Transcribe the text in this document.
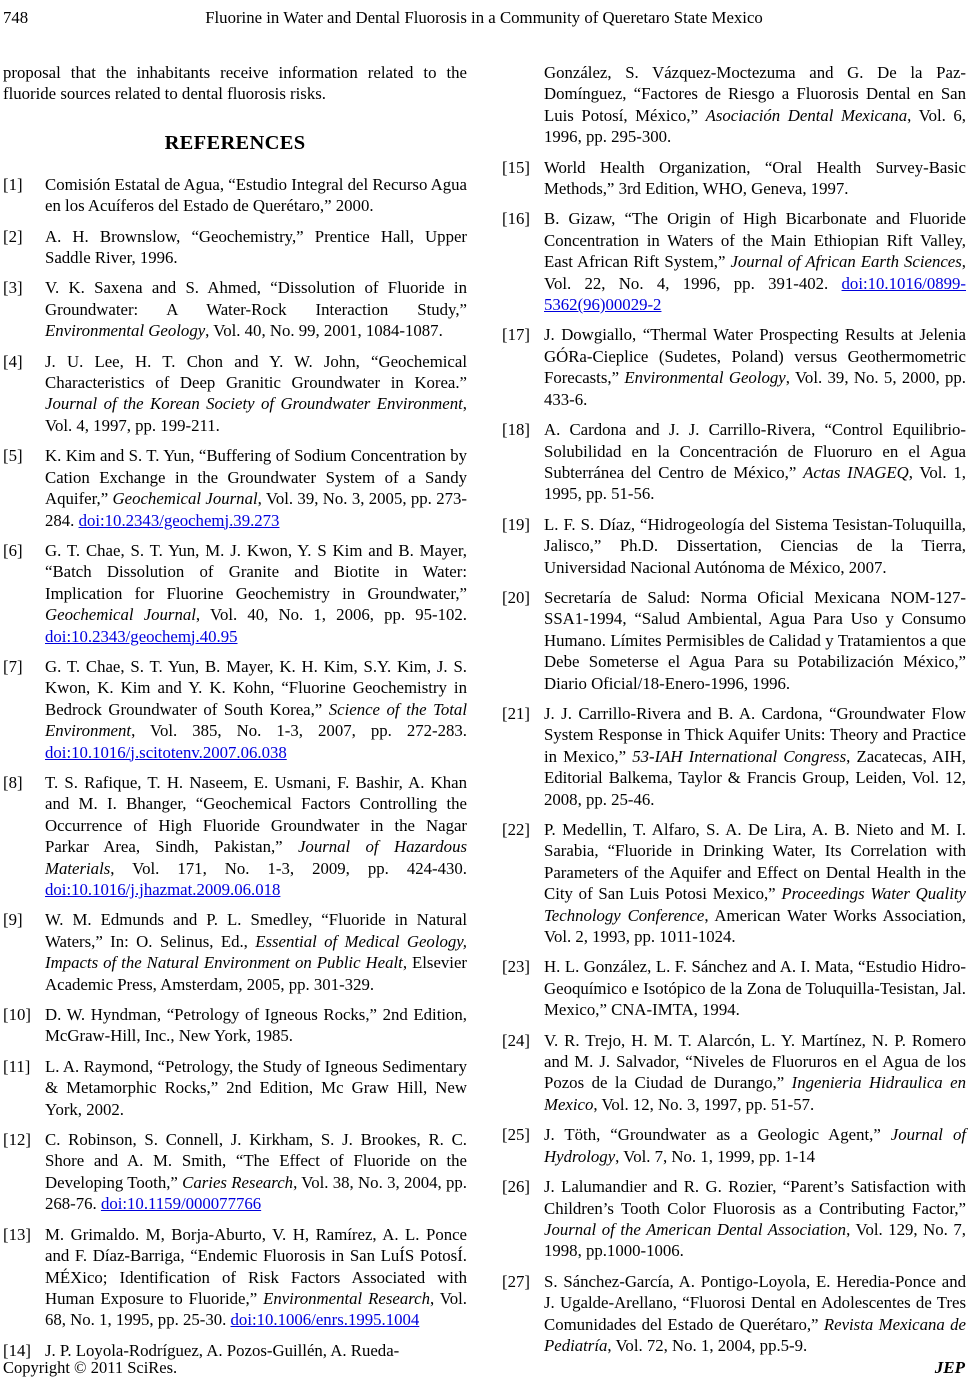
748	Fluorine in Water and Dental Fluorosis in a Community of Queretaro State Mexico

proposal that the inhabitants receive information related to the fluoride sources related to dental fluorosis risks.

REFERENCES
[1]	Comisión Estatal de Agua, “Estudio Integral del Recurso Agua en los Acuíferos del Estado de Querétaro,” 2000.
[2]	A. H. Brownslow, “Geochemistry,” Prentice Hall, Upper Saddle River, 1996.
[3]	V. K. Saxena and S. Ahmed, “Dissolution of Fluoride in Groundwater: A Water-Rock Interaction Study,” Environmental Geology, Vol. 40, No. 99, 2001, 1084-1087.
[4]	J. U. Lee, H. T. Chon and Y. W. John, “Geochemical Characteristics of Deep Granitic Groundwater in Korea.” Journal of the Korean Society of Groundwater Environment, Vol. 4, 1997, pp. 199-211.
[5]	K. Kim and S. T. Yun, “Buffering of Sodium Concentration by Cation Exchange in the Groundwater System of a Sandy Aquifer,” Geochemical Journal, Vol. 39, No. 3, 2005, pp. 273-284. doi:10.2343/geochemj.39.273
[6]	G. T. Chae, S. T. Yun, M. J. Kwon, Y. S Kim and B. Mayer, “Batch Dissolution of Granite and Biotite in Water: Implication for Fluorine Geochemistry in Groundwater,” Geochemical Journal, Vol. 40, No. 1, 2006, pp. 95-102. doi:10.2343/geochemj.40.95
[7]	G. T. Chae, S. T. Yun, B. Mayer, K. H. Kim, S.Y. Kim, J. S. Kwon, K. Kim and Y. K. Kohn, “Fluorine Geochemistry in Bedrock Groundwater of South Korea,” Science of the Total Environment, Vol. 385, No. 1-3, 2007, pp. 272-283. doi:10.1016/j.scitotenv.2007.06.038
[8]	T. S. Rafique, T. H. Naseem, E. Usmani, F. Bashir, A. Khan and M. I. Bhanger, “Geochemical Factors Controlling the Occurrence of High Fluoride Groundwater in the Nagar Parkar Area, Sindh, Pakistan,” Journal of Hazardous Materials, Vol. 171, No. 1-3, 2009, pp. 424-430. doi:10.1016/j.jhazmat.2009.06.018
[9]	W. M. Edmunds and P. L. Smedley, “Fluoride in Natural Waters,” In: O. Selinus, Ed., Essential of Medical Geology, Impacts of the Natural Environment on Public Healt, Elsevier Academic Press, Amsterdam, 2005, pp. 301-329.
[10] D. W. Hyndman, “Petrology of Igneous Rocks,” 2nd Edition, McGraw-Hill, Inc., New York, 1985.
[11] L. A. Raymond, “Petrology, the Study of Igneous Sedimentary & Metamorphic Rocks,” 2nd Edition, Mc Graw Hill, New York, 2002.
[12] C. Robinson, S. Connell, J. Kirkham, S. J. Brookes, R. C. Shore and A. M. Smith, “The Effect of Fluoride on the Developing Tooth,” Caries Research, Vol. 38, No. 3, 2004, pp. 268-76. doi:10.1159/000077766
[13] M. Grimaldo. M, Borja-Aburto, V. H, Ramírez, A. L. Ponce and F. Díaz-Barriga, “Endemic Fluorosis in San LuÍS PotosÍ. MÉXico; Identification of Risk Factors Associated with Human Exposure to Fluoride,” Environmental Research, Vol. 68, No. 1, 1995, pp. 25-30. doi:10.1006/enrs.1995.1004
[14] J. P. Loyola-Rodríguez, A. Pozos-Guillén, A. Rueda-
González, S. Vázquez-Moctezuma and G. De la Paz-Domínguez, “Factores de Riesgo a Fluorosis Dental en San Luis Potosí, México,” Asociación Dental Mexicana, Vol. 6, 1996, pp. 295-300.
[15] World Health Organization, “Oral Health Survey-Basic Methods,” 3rd Edition, WHO, Geneva, 1997.
[16] B. Gizaw, “The Origin of High Bicarbonate and Fluoride Concentration in Waters of the Main Ethiopian Rift Valley, East African Rift System,” Journal of African Earth Sciences, Vol. 22, No. 4, 1996, pp. 391-402. doi:10.1016/0899-5362(96)00029-2
[17] J. Dowgiallo, “Thermal Water Prospecting Results at Jelenia GÓRa-Cieplice (Sudetes, Poland) versus Geothermometric Forecasts,” Environmental Geology, Vol. 39, No. 5, 2000, pp. 433-6.
[18] A. Cardona and J. J. Carrillo-Rivera, “Control Equilibrio-Solubilidad en la Concentración de Fluoruro en el Agua Subterránea del Centro de México,” Actas INAGEQ, Vol. 1, 1995, pp. 51-56.
[19] L. F. S. Díaz, “Hidrogeología del Sistema Tesistan-Toluquilla, Jalisco,” Ph.D. Dissertation, Ciencias de la Tierra, Universidad Nacional Autónoma de México, 2007.
[20] Secretaría de Salud: Norma Oficial Mexicana NOM-127-SSA1-1994, “Salud Ambiental, Agua Para Uso y Consumo Humano. Límites Permisibles de Calidad y Tratamientos a que Debe Someterse el Agua Para su Potabilización México,” Diario Oficial/18-Enero-1996, 1996.
[21] J. J. Carrillo-Rivera and B. A. Cardona, “Groundwater Flow System Response in Thick Aquifer Units: Theory and Practice in Mexico,” 53-IAH International Congress, Zacatecas, AIH, Editorial Balkema, Taylor & Francis Group, Leiden, Vol. 12, 2008, pp. 25-46.
[22] P. Medellin, T. Alfaro, S. A. De Lira, A. B. Nieto and M. I. Sarabia, “Fluoride in Drinking Water, Its Correlation with Parameters of the Aquifer and Effect on Dental Health in the City of San Luis Potosi Mexico,” Proceedings Water Quality Technology Conference, American Water Works Association, Vol. 2, 1993, pp. 1011-1024.
[23] H. L. González, L. F. Sánchez and A. I. Mata, “Estudio Hidro-Geoquímico e Isotópico de la Zona de Toluquilla-Tesistan, Jal. Mexico,” CNA-IMTA, 1994.
[24] V. R. Trejo, H. M. T. Alarcón, L. Y. Martínez, N. P. Romero and M. J. Salvador, “Niveles de Fluoruros en el Agua de los Pozos de la Ciudad de Durango,” Ingenieria Hidraulica en Mexico, Vol. 12, No. 3, 1997, pp. 51-57.
[25] J. Töth, “Groundwater as a Geologic Agent,” Journal of Hydrology, Vol. 7, No. 1, 1999, pp. 1-14
[26] J. Lalumandier and R. G. Rozier, “Parent’s Satisfaction with Children’s Tooth Color Fluorosis as a Contributing Factor,” Journal of the American Dental Association, Vol. 129, No. 7, 1998, pp.1000-1006.
[27] S. Sánchez-García, A. Pontigo-Loyola, E. Heredia-Ponce and J. Ugalde-Arellano, “Fluorosi Dental en Adolescentes de Tres Comunidades del Estado de Querétaro,” Revista Mexicana de Pediatría, Vol. 72, No. 1, 2004, pp.5-9.
Copyright © 2011 SciRes.	JEP
